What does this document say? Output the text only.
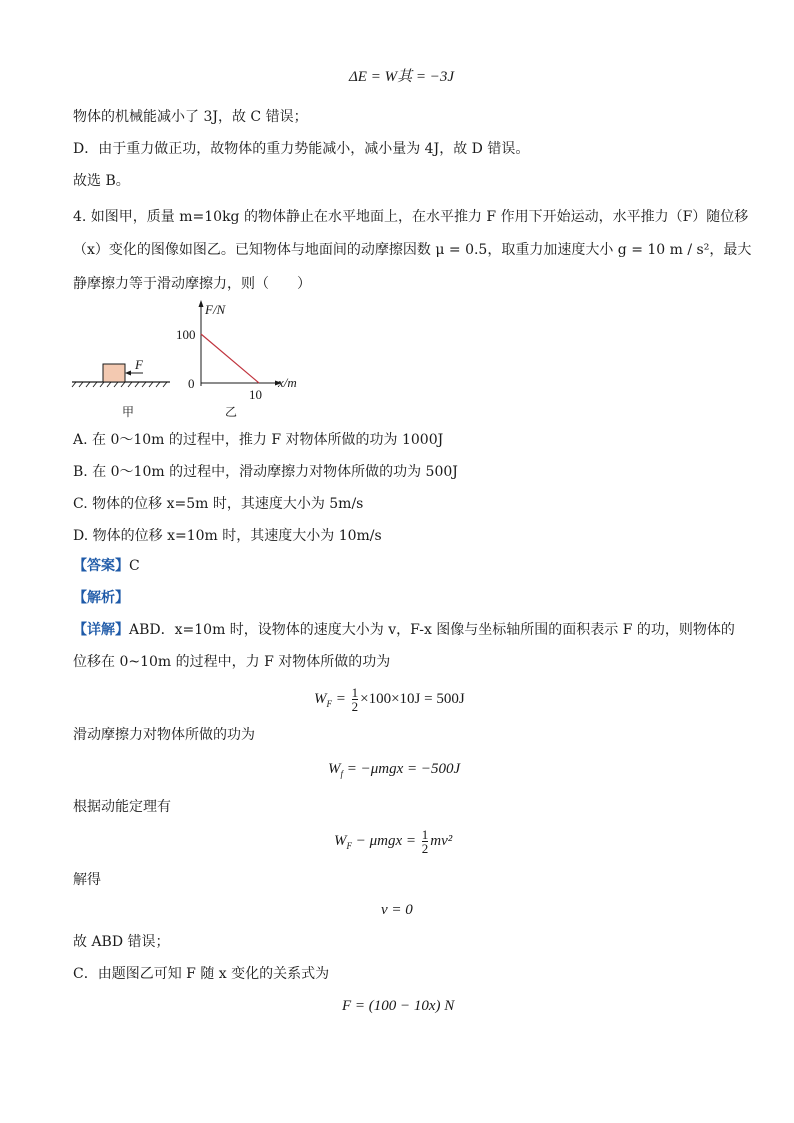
ΔE = W其 = −3J
物体的机械能减小了 3J，故 C 错误；
D．由于重力做正功，故物体的重力势能减小，减小量为 4J，故 D 错误。
故选 B。
4. 如图甲，质量 m=10kg 的物体静止在水平地面上，在水平推力 F 作用下开始运动，水平推力（F）随位移
（x）变化的图像如图乙。已知物体与地面间的动摩擦因数 μ = 0.5，取重力加速度大小 g = 10 m / s²，最大
静摩擦力等于滑动摩擦力，则（　　）
F
甲
F/N
x/m
100
0
10
乙
A. 在 0～10m 的过程中，推力 F 对物体所做的功为 1000J
B. 在 0～10m 的过程中，滑动摩擦力对物体所做的功为 500J
C. 物体的位移 x=5m 时，其速度大小为 5m/s
D. 物体的位移 x=10m 时，其速度大小为 10m/s
【答案】C
【解析】
【详解】ABD．x=10m 时，设物体的速度大小为 v，F-x 图像与坐标轴所围的面积表示 F 的功，则物体的
位移在 0~10m 的过程中，力 F 对物体所做的功为
$W_F = \frac{1}{2} \times 100\times 10J = 500J$
滑动摩擦力对物体所做的功为
$W_f = -\mu mgx = -500J$
根据动能定理有
$W_F - \mu mgx = \frac{1}{2} mv^2$
解得
v = 0
故 ABD 错误；
C．由题图乙可知 F 随 x 变化的关系式为
F = (100 − 10x) N
